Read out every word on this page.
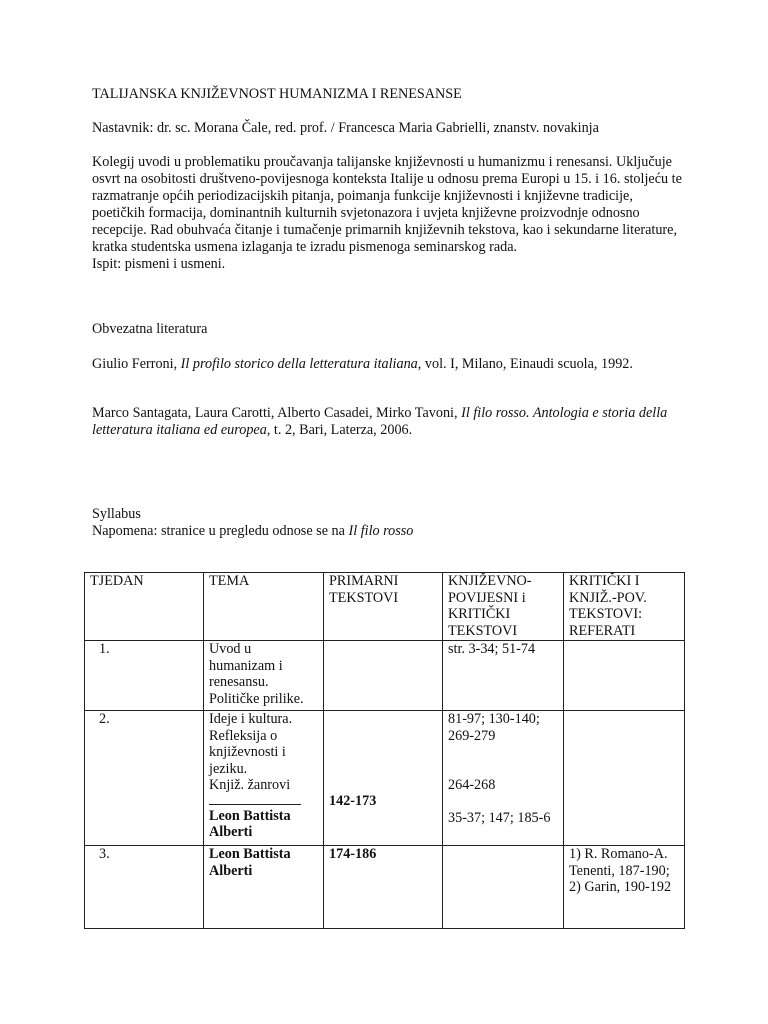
TALIJANSKA KNJIŽEVNOST HUMANIZMA I RENESANSE

Nastavnik: dr. sc. Morana Čale, red. prof. / Francesca Maria Gabrielli, znanstv. novakinja

Kolegij uvodi u problematiku proučavanja talijanske književnosti u humanizmu i renesansi. Uključuje osvrt na osobitosti društveno-povijesnoga konteksta Italije u odnosu prema Europi u 15. i 16. stoljeću te razmatranje općih periodizacijskih pitanja, poimanja funkcije književnosti i književne tradicije, poetičkih formacija, dominantnih kulturnih svjetonazora i uvjeta književne proizvodnje odnosno recepcije. Rad obuhvaća čitanje i tumačenje primarnih književnih tekstova, kao i sekundarne literature, kratka studentska usmena izlaganja te izradu pismenoga seminarskog rada.
Ispit: pismeni i usmeni.

Obvezatna literatura

Giulio Ferroni, Il profilo storico della letteratura italiana, vol. I, Milano, Einaudi scuola, 1992.

Marco Santagata, Laura Carotti, Alberto Casadei, Mirko Tavoni, Il filo rosso. Antologia e storia della letteratura italiana ed europea, t. 2, Bari, Laterza, 2006.

Syllabus

Napomena: stranice u pregledu odnose se na Il filo rosso

TJEDAN	TEMA	PRIMARNI TEKSTOVI	KNJIŽEVNO-POVIJESNI i KRITIČKI TEKSTOVI	KRITIČKI I KNJIŽ.-POV. TEKSTOVI: REFERATI
1.	Uvod u humanizam i renesansu.
Političke prilike.		str. 3-34; 51-74	

2.	Ideje i kultura.
Refleksija o književnosti i jeziku.
Knjiž. žanrovi
Leon Battista Alberti	142-173	81-97; 130-140; 269-279
264-268
35-37; 147; 185-6	

3.	Leon Battista Alberti	174-186		1) R. Romano-A. Tenenti, 187-190;
2) Garin, 190-192
